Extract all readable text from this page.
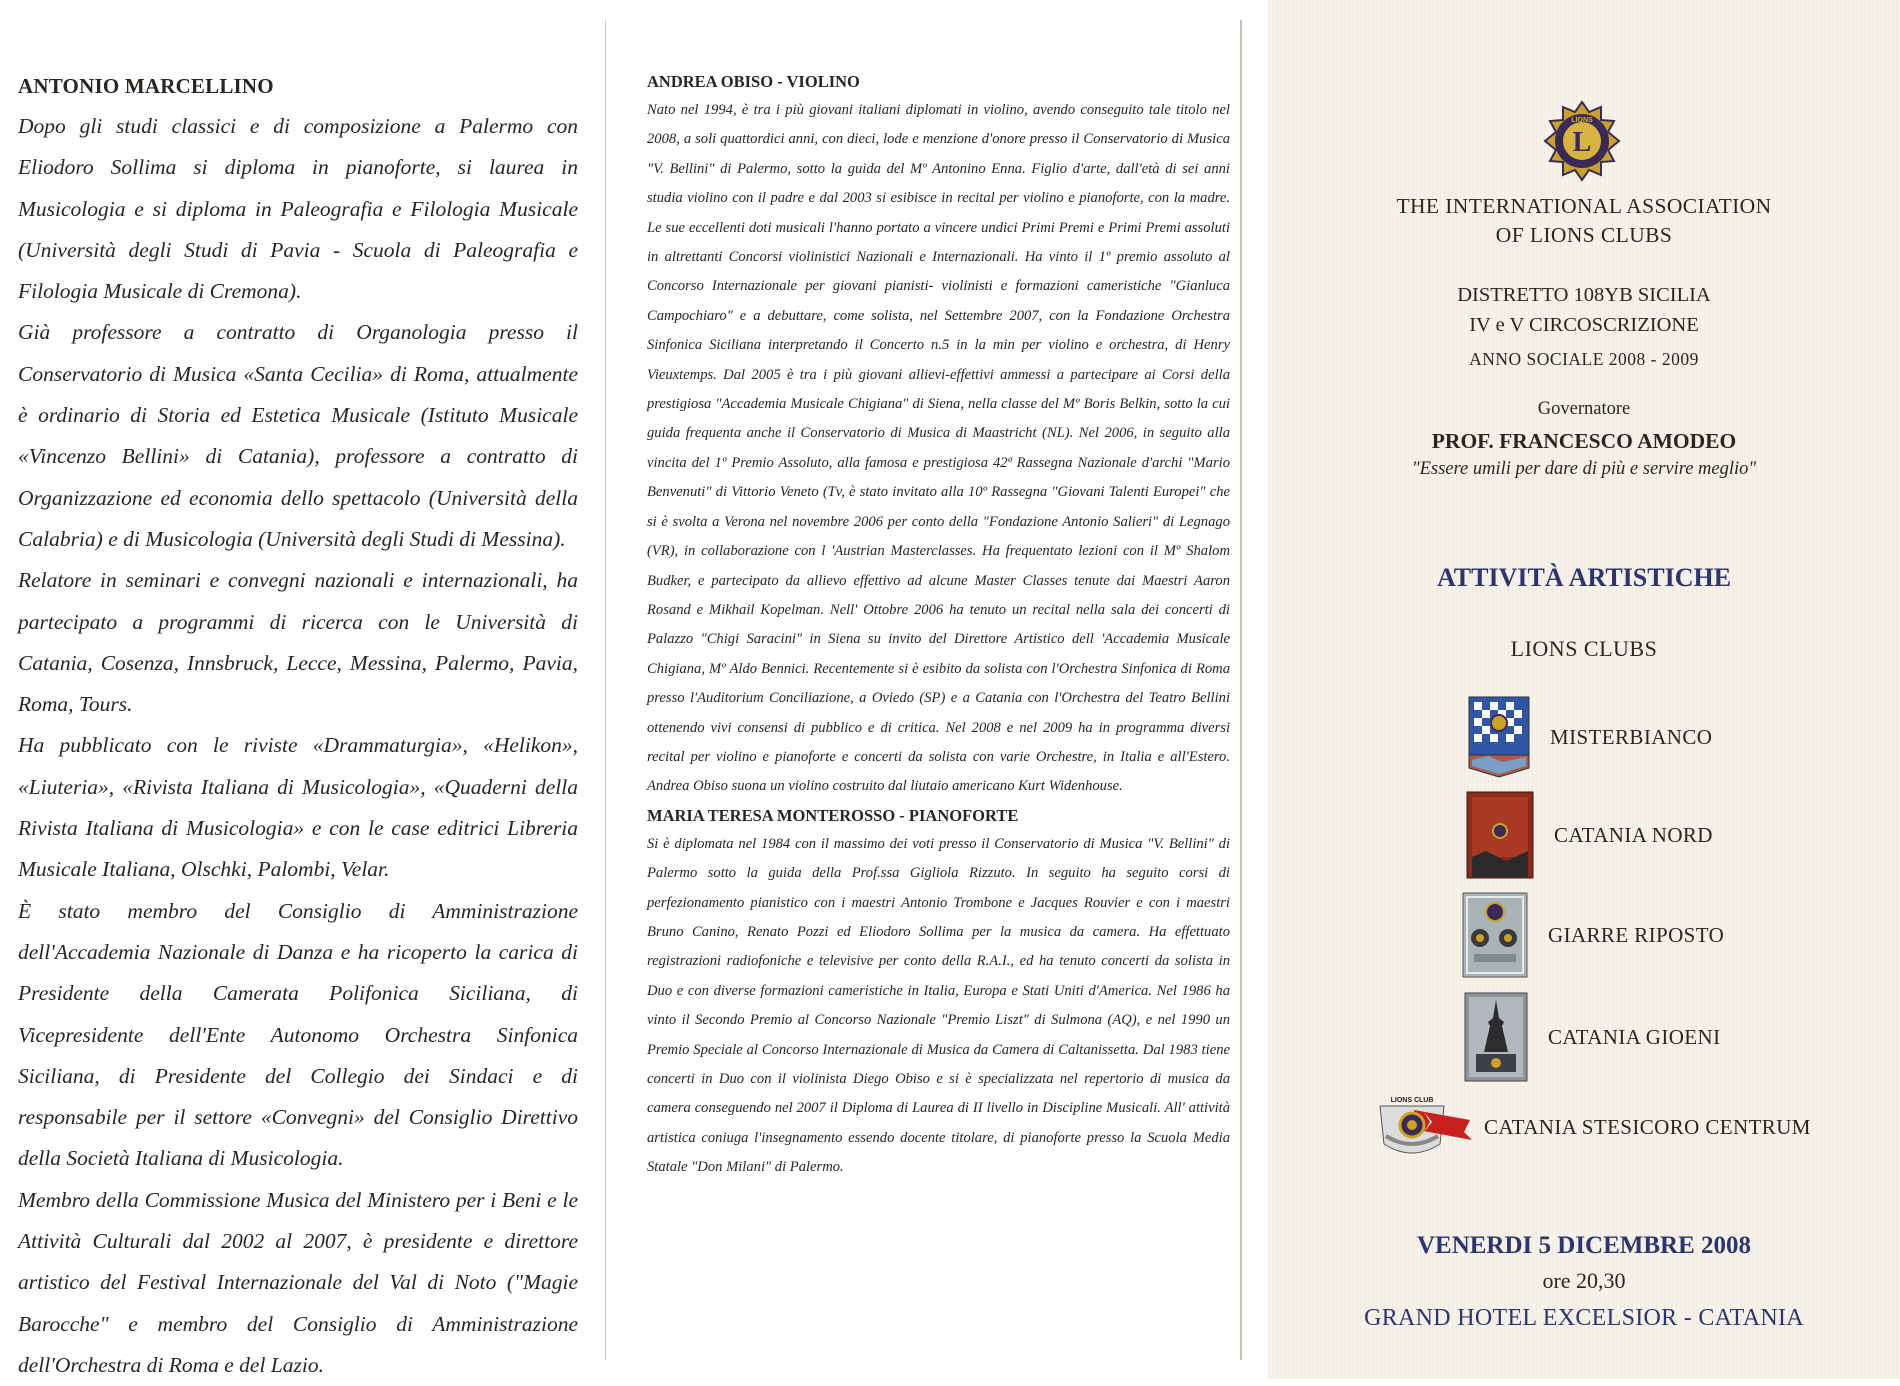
ANTONIO MARCELLINO

Dopo gli studi classici e di composizione a Palermo con Eliodoro Sollima si diploma in pianoforte, si laurea in Musicologia e si diploma in Paleografia e Filologia Musicale (Università degli Studi di Pavia - Scuola di Paleografia e Filologia Musicale di Cremona).

Già professore a contratto di Organologia presso il Conservatorio di Musica «Santa Cecilia» di Roma, attualmente è ordinario di Storia ed Estetica Musicale (Istituto Musicale «Vincenzo Bellini» di Catania), professore a contratto di Organizzazione ed economia dello spettacolo (Università della Calabria) e di Musicologia (Università degli Studi di Messina).

Relatore in seminari e convegni nazionali e internazionali, ha partecipato a programmi di ricerca con le Università di Catania, Cosenza, Innsbruck, Lecce, Messina, Palermo, Pavia, Roma, Tours.

Ha pubblicato con le riviste «Drammaturgia», «Helikon», «Liuteria», «Rivista Italiana di Musicologia», «Quaderni della Rivista Italiana di Musicologia» e con le case editrici Libreria Musicale Italiana, Olschki, Palombi, Velar.

È stato membro del Consiglio di Amministrazione dell'Accademia Nazionale di Danza e ha ricoperto la carica di Presidente della Camerata Polifonica Siciliana, di Vicepresidente dell'Ente Autonomo Orchestra Sinfonica Siciliana, di Presidente del Collegio dei Sindaci e di responsabile per il settore «Convegni» del Consiglio Direttivo della Società Italiana di Musicologia.

Membro della Commissione Musica del Ministero per i Beni e le Attività Culturali dal 2002 al 2007, è presidente e direttore artistico del Festival Internazionale del Val di Noto ("Magie Barocche" e membro del Consiglio di Amministrazione dell'Orchestra di Roma e del Lazio.

ANDREA OBISO - VIOLINO

Nato nel 1994, è tra i più giovani italiani diplomati in violino, avendo conseguito tale titolo nel 2008, a soli quattordici anni, con dieci, lode e menzione d'onore presso il Conservatorio di Musica "V. Bellini" di Palermo, sotto la guida del Mº Antonino Enna. Figlio d'arte, dall'età di sei anni studia violino con il padre e dal 2003 si esibisce in recital per violino e pianoforte, con la madre. Le sue eccellenti doti musicali l'hanno portato a vincere undici Primi Premi e Primi Premi assoluti in altrettanti Concorsi violinistici Nazionali e Internazionali. Ha vinto il 1º premio assoluto al Concorso Internazionale per giovani pianisti- violinisti e formazioni cameristiche "Gianluca Campochiaro" e a debuttare, come solista, nel Settembre 2007, con la Fondazione Orchestra Sinfonica Siciliana interpretando il Concerto n.5 in la min per violino e orchestra, di Henry Vieuxtemps. Dal 2005 è tra i più giovani allievi-effettivi ammessi a partecipare ai Corsi della prestigiosa "Accademia Musicale Chigiana" di Siena, nella classe del Mº Boris Belkin, sotto la cui guida frequenta anche il Conservatorio di Musica di Maastricht (NL). Nel 2006, in seguito alla vincita del 1º Premio Assoluto, alla famosa e prestigiosa 42ª Rassegna Nazionale d'archi "Mario Benvenuti" di Vittorio Veneto (Tv, è stato invitato alla 10º Rassegna "Giovani Talenti Europei" che si è svolta a Verona nel novembre 2006 per conto della "Fondazione Antonio Salieri" di Legnago (VR), in collaborazione con l 'Austrian Masterclasses. Ha frequentato lezioni con il Mº Shalom Budker, e partecipato da allievo effettivo ad alcune Master Classes tenute dai Maestri Aaron Rosand e Mikhail Kopelman. Nell' Ottobre 2006 ha tenuto un recital nella sala dei concerti di Palazzo "Chigi Saracini" in Siena su invito del Direttore Artistico dell 'Accademia Musicale Chigiana, Mº Aldo Bennici. Recentemente si è esibito da solista con l'Orchestra Sinfonica di Roma presso l'Auditorium Conciliazione, a Oviedo (SP) e a Catania con l'Orchestra del Teatro Bellini ottenendo vivi consensi di pubblico e di critica. Nel 2008 e nel 2009 ha in programma diversi recital per violino e pianoforte e concerti da solista con varie Orchestre, in Italia e all'Estero. Andrea Obiso suona un violino costruito dal liutaio americano Kurt Widenhouse.

MARIA TERESA MONTEROSSO - PIANOFORTE

Si è diplomata nel 1984 con il massimo dei voti presso il Conservatorio di Musica "V. Bellini" di Palermo sotto la guida della Prof.ssa Gigliola Rizzuto. In seguito ha seguito corsi di perfezionamento pianistico con i maestri Antonio Trombone e Jacques Rouvier e con i maestri Bruno Canino, Renato Pozzi ed Eliodoro Sollima per la musica da camera. Ha effettuato registrazioni radiofoniche e televisive per conto della R.A.I., ed ha tenuto concerti da solista in Duo e con diverse formazioni cameristiche in Italia, Europa e Stati Uniti d'America. Nel 1986 ha vinto il Secondo Premio al Concorso Nazionale "Premio Liszt" di Sulmona (AQ), e nel 1990 un Premio Speciale al Concorso Internazionale di Musica da Camera di Caltanissetta. Dal 1983 tiene concerti in Duo con il violinista Diego Obiso e si è specializzata nel repertorio di musica da camera conseguendo nel 2007 il Diploma di Laurea di II livello in Discipline Musicali. All' attività artistica coniuga l'insegnamento essendo docente titolare, di pianoforte presso la Scuola Media Statale "Don Milani" di Palermo.

LIONS
L
THE INTERNATIONAL ASSOCIATION
OF LIONS CLUBS
DISTRETTO 108YB SICILIA
IV e V CIRCOSCRIZIONE
ANNO SOCIALE 2008 - 2009
Governatore
PROF. FRANCESCO AMODEO
"Essere umili per dare di più e servire meglio"
ATTIVITÀ ARTISTICHE
LIONS CLUBS
MISTERBIANCO
CATANIA NORD
GIARRE RIPOSTO
CATANIA GIOENI
LIONS CLUB
CATANIA STESICORO CENTRUM
VENERDI 5 DICEMBRE 2008
ore 20,30
GRAND HOTEL EXCELSIOR - CATANIA
